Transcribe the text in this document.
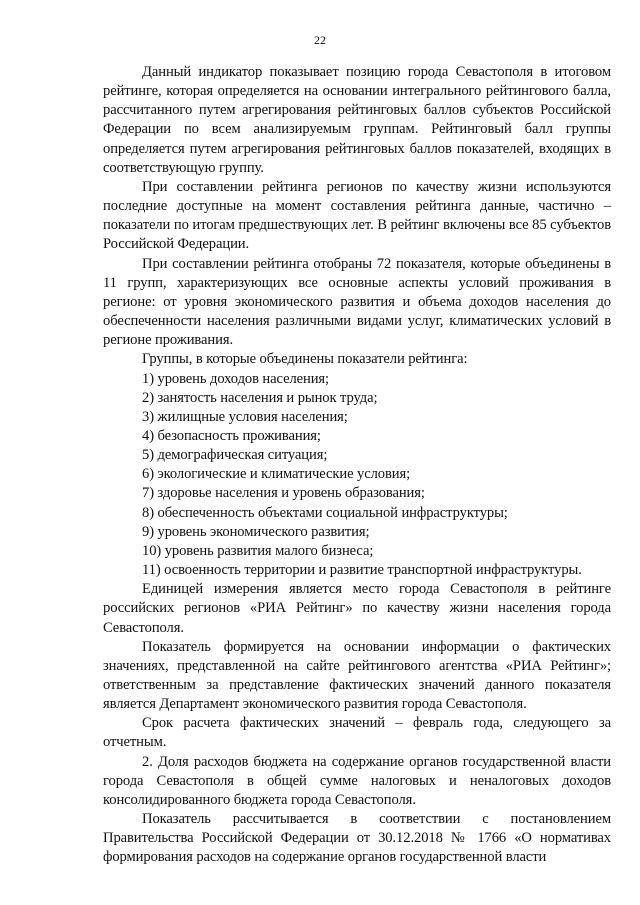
22

Данный индикатор показывает позицию города Севастополя в итоговом рейтинге, которая определяется на основании интегрального рейтингового балла, рассчитанного путем агрегирования рейтинговых баллов субъектов Российской Федерации по всем анализируемым группам. Рейтинговый балл группы определяется путем агрегирования рейтинговых баллов показателей, входящих в соответствующую группу.

При составлении рейтинга регионов по качеству жизни используются последние доступные на момент составления рейтинга данные, частично – показатели по итогам предшествующих лет. В рейтинг включены все 85 субъектов Российской Федерации.

При составлении рейтинга отобраны 72 показателя, которые объединены в 11 групп, характеризующих все основные аспекты условий проживания в регионе: от уровня экономического развития и объема доходов населения до обеспеченности населения различными видами услуг, климатических условий в регионе проживания.

Группы, в которые объединены показатели рейтинга:

1) уровень доходов населения;

2) занятость населения и рынок труда;

3) жилищные условия населения;

4) безопасность проживания;

5) демографическая ситуация;

6) экологические и климатические условия;

7) здоровье населения и уровень образования;

8) обеспеченность объектами социальной инфраструктуры;

9) уровень экономического развития;

10) уровень развития малого бизнеса;

11) освоенность территории и развитие транспортной инфраструктуры.

Единицей измерения является место города Севастополя в рейтинге российских регионов «РИА Рейтинг» по качеству жизни населения города Севастополя.

Показатель формируется на основании информации о фактических значениях, представленной на сайте рейтингового агентства «РИА Рейтинг»; ответственным за представление фактических значений данного показателя является Департамент экономического развития города Севастополя.

Срок расчета фактических значений – февраль года, следующего за отчетным.

2. Доля расходов бюджета на содержание органов государственной власти города Севастополя в общей сумме налоговых и неналоговых доходов консолидированного бюджета города Севастополя.

Показатель рассчитывается в соответствии с постановлением Правительства Российской Федерации от 30.12.2018 № 1766 «О нормативах формирования расходов на содержание органов государственной власти
